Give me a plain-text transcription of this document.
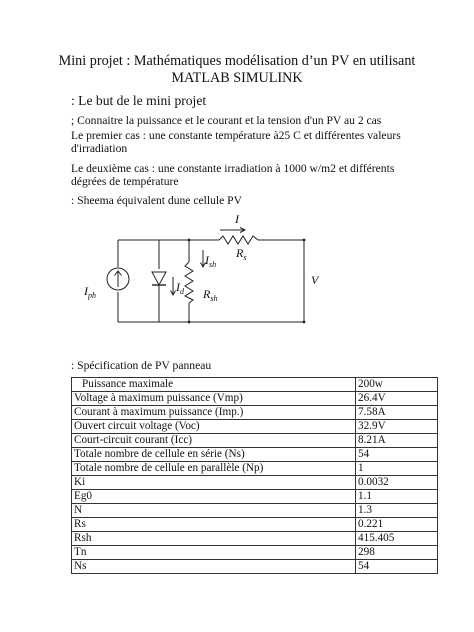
Mini projet : Mathématiques modélisation d’un PV en utilisant
MATLAB SIMULINK
: Le but de le mini projet
; Connaitre la puissance et le courant et la tension d'un PV au 2 cas
Le premier cas : une constante température à25 C et différentes valeurs
d'irradiation
Le deuxième cas : une constante irradiation à 1000 w/m2 et différents
dégrées de température
: Sheema équivalent dune cellule PV
I
$R_s$
V
$I_{ph}$
$I_d$
$I_{sh}$
$R_{sh}$
: Spécification de PV panneau
Puissance maximale	200w
Voltage à maximum puissance (Vmp)	26.4V
Courant à maximum puissance (Imp.)	7.58A
Ouvert circuit voltage (Voc)	32.9V
Court-circuit courant (Icc)	8.21A
Totale nombre de cellule en série (Ns)	54
Totale nombre de cellule en parallèle (Np)	1
Ki	0.0032
Eg0	1.1
N	1.3
Rs	0.221
Rsh	415.405
Tn	298
Ns	54
